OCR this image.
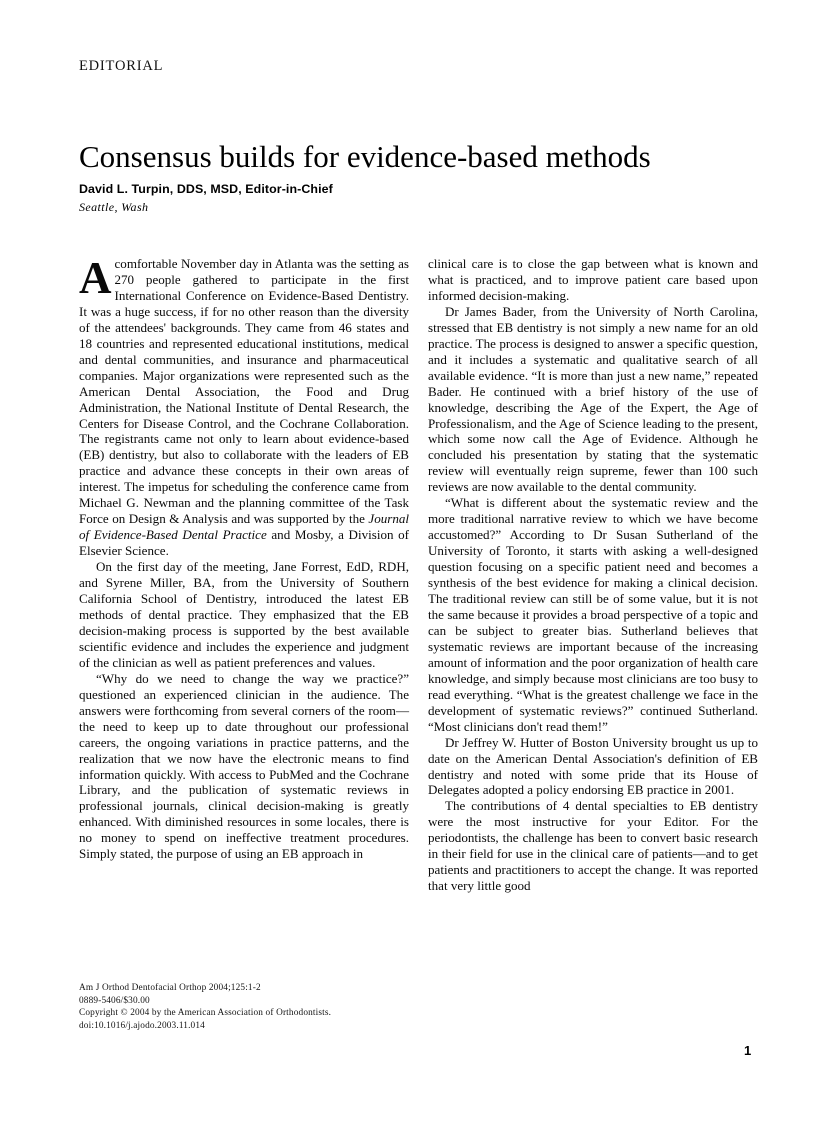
EDITORIAL
Consensus builds for evidence-based methods
David L. Turpin, DDS, MSD, Editor-in-Chief
Seattle, Wash

Acomfortable November day in Atlanta was the setting as 270 people gathered to participate in the first International Conference on Evidence-Based Dentistry. It was a huge success, if for no other reason than the diversity of the attendees' backgrounds. They came from 46 states and 18 countries and represented educational institutions, medical and dental communities, and insurance and pharmaceutical companies. Major organizations were represented such as the American Dental Association, the Food and Drug Administration, the National Institute of Dental Research, the Centers for Disease Control, and the Cochrane Collaboration. The registrants came not only to learn about evidence-based (EB) dentistry, but also to collaborate with the leaders of EB practice and advance these concepts in their own areas of interest. The impetus for scheduling the conference came from Michael G. Newman and the planning committee of the Task Force on Design & Analysis and was supported by the Journal of Evidence-Based Dental Practice and Mosby, a Division of Elsevier Science.

On the first day of the meeting, Jane Forrest, EdD, RDH, and Syrene Miller, BA, from the University of Southern California School of Dentistry, introduced the latest EB methods of dental practice. They emphasized that the EB decision-making process is supported by the best available scientific evidence and includes the experience and judgment of the clinician as well as patient preferences and values.

“Why do we need to change the way we practice?” questioned an experienced clinician in the audience. The answers were forthcoming from several corners of the room—the need to keep up to date throughout our professional careers, the ongoing variations in practice patterns, and the realization that we now have the electronic means to find information quickly. With access to PubMed and the Cochrane Library, and the publication of systematic reviews in professional journals, clinical decision-making is greatly enhanced. With diminished resources in some locales, there is no money to spend on ineffective treatment procedures. Simply stated, the purpose of using an EB approach in

clinical care is to close the gap between what is known and what is practiced, and to improve patient care based upon informed decision-making.

Dr James Bader, from the University of North Carolina, stressed that EB dentistry is not simply a new name for an old practice. The process is designed to answer a specific question, and it includes a systematic and qualitative search of all available evidence. “It is more than just a new name,” repeated Bader. He continued with a brief history of the use of knowledge, describing the Age of the Expert, the Age of Professionalism, and the Age of Science leading to the present, which some now call the Age of Evidence. Although he concluded his presentation by stating that the systematic review will eventually reign supreme, fewer than 100 such reviews are now available to the dental community.

“What is different about the systematic review and the more traditional narrative review to which we have become accustomed?” According to Dr Susan Sutherland of the University of Toronto, it starts with asking a well-designed question focusing on a specific patient need and becomes a synthesis of the best evidence for making a clinical decision. The traditional review can still be of some value, but it is not the same because it provides a broad perspective of a topic and can be subject to greater bias. Sutherland believes that systematic reviews are important because of the increasing amount of information and the poor organization of health care knowledge, and simply because most clinicians are too busy to read everything. “What is the greatest challenge we face in the development of systematic reviews?” continued Sutherland. “Most clinicians don't read them!”

Dr Jeffrey W. Hutter of Boston University brought us up to date on the American Dental Association's definition of EB dentistry and noted with some pride that its House of Delegates adopted a policy endorsing EB practice in 2001.

The contributions of 4 dental specialties to EB dentistry were the most instructive for your Editor. For the periodontists, the challenge has been to convert basic research in their field for use in the clinical care of patients—and to get patients and practitioners to accept the change. It was reported that very little good

Am J Orthod Dentofacial Orthop 2004;125:1-2
0889-5406/$30.00
Copyright © 2004 by the American Association of Orthodontists.
doi:10.1016/j.ajodo.2003.11.014
1
